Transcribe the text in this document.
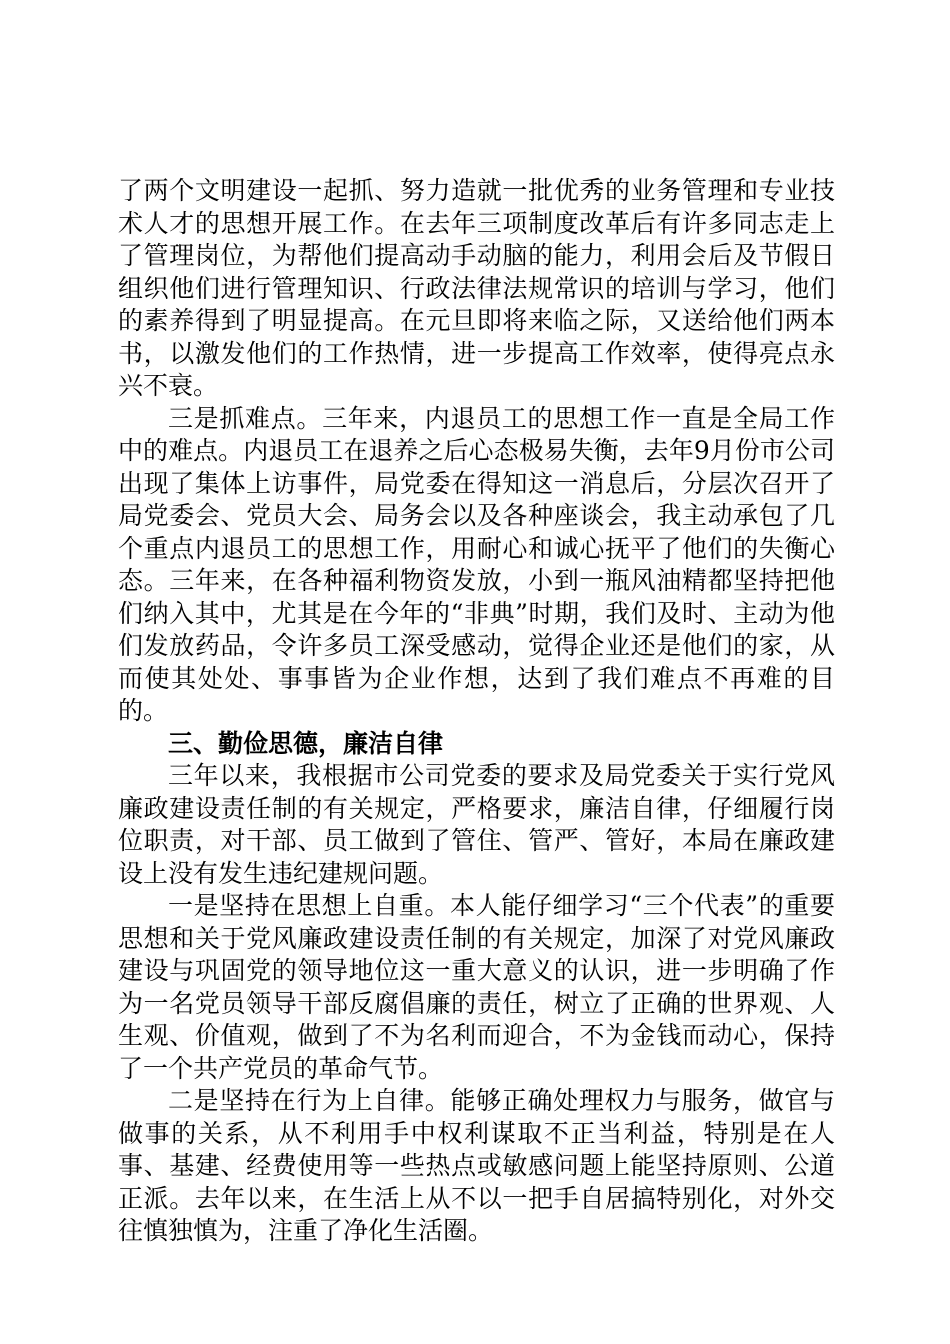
了两个文明建设一起抓、努力造就一批优秀的业务管理和专业技术人才的思想开展工作。在去年三项制度改革后有许多同志走上了管理岗位，为帮他们提高动手动脑的能力，利用会后及节假日组织他们进行管理知识、行政法律法规常识的培训与学习，他们的素养得到了明显提高。在元旦即将来临之际，又送给他们两本书，以激发他们的工作热情，进一步提高工作效率，使得亮点永兴不衰。

三是抓难点。三年来，内退员工的思想工作一直是全局工作中的难点。内退员工在退养之后心态极易失衡，去年9月份市公司出现了集体上访事件，局党委在得知这一消息后，分层次召开了局党委会、党员大会、局务会以及各种座谈会，我主动承包了几个重点内退员工的思想工作，用耐心和诚心抚平了他们的失衡心态。三年来，在各种福利物资发放，小到一瓶风油精都坚持把他们纳入其中，尤其是在今年的“非典”时期，我们及时、主动为他们发放药品，令许多员工深受感动，觉得企业还是他们的家，从而使其处处、事事皆为企业作想，达到了我们难点不再难的目的。

三、勤俭思德，廉洁自律

三年以来，我根据市公司党委的要求及局党委关于实行党风廉政建设责任制的有关规定，严格要求，廉洁自律，仔细履行岗位职责，对干部、员工做到了管住、管严、管好，本局在廉政建设上没有发生违纪建规问题。

一是坚持在思想上自重。本人能仔细学习“三个代表”的重要思想和关于党风廉政建设责任制的有关规定，加深了对党风廉政建设与巩固党的领导地位这一重大意义的认识，进一步明确了作为一名党员领导干部反腐倡廉的责任，树立了正确的世界观、人生观、价值观，做到了不为名利而迎合，不为金钱而动心，保持了一个共产党员的革命气节。

二是坚持在行为上自律。能够正确处理权力与服务，做官与做事的关系，从不利用手中权利谋取不正当利益，特别是在人事、基建、经费使用等一些热点或敏感问题上能坚持原则、公道正派。去年以来，在生活上从不以一把手自居搞特别化，对外交往慎独慎为，注重了净化生活圈。
